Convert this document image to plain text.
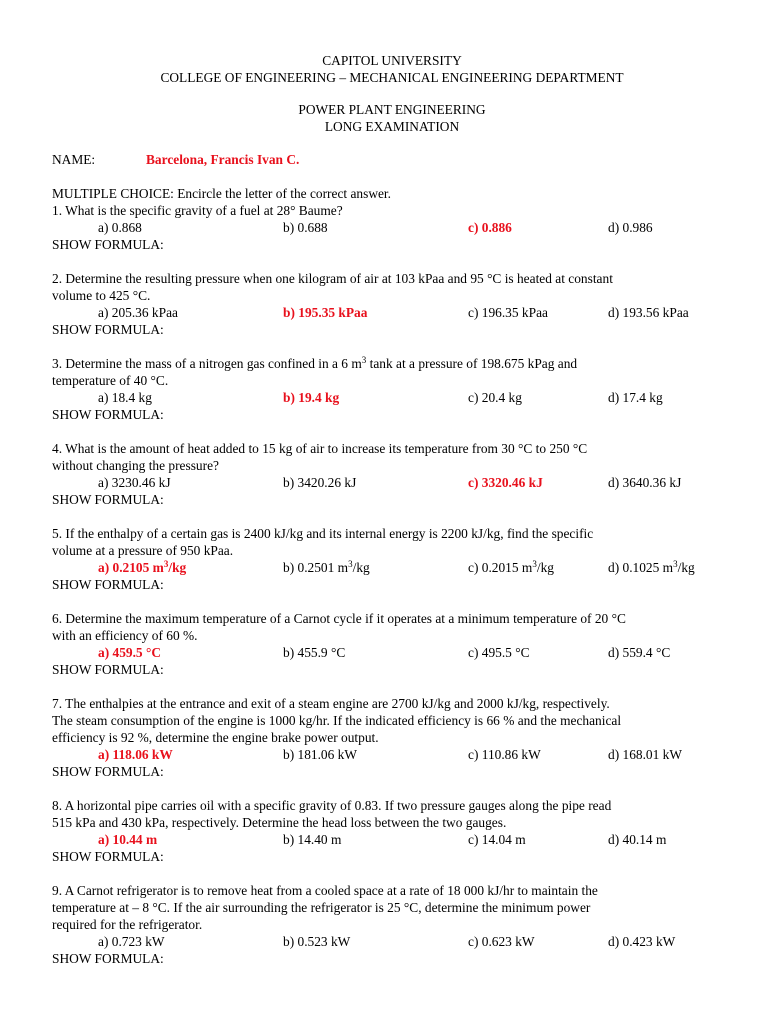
CAPITOL UNIVERSITY
COLLEGE OF ENGINEERING – MECHANICAL ENGINEERING DEPARTMENT
POWER PLANT ENGINEERING
LONG EXAMINATION
NAME:	Barcelona, Francis Ivan C.
MULTIPLE CHOICE: Encircle the letter of the correct answer.
1. What is the specific gravity of a fuel at 28° Baume?
a) 0.868	b) 0.688	c) 0.886	d) 0.986
SHOW FORMULA:
2. Determine the resulting pressure when one kilogram of air at 103 kPaa and 95 °C is heated at constant
volume to 425 °C.
a) 205.36 kPaa	b) 195.35 kPaa	c) 196.35 kPaa	d) 193.56 kPaa
SHOW FORMULA:
3. Determine the mass of a nitrogen gas confined in a 6 $m^3$ tank at a pressure of 198.675 kPag and
temperature of 40 °C.
a) 18.4 kg	b) 19.4 kg	c) 20.4 kg	d) 17.4 kg
SHOW FORMULA:
4. What is the amount of heat added to 15 kg of air to increase its temperature from 30 °C to 250 °C
without changing the pressure?
a) 3230.46 kJ	b) 3420.26 kJ	c) 3320.46 kJ	d) 3640.36 kJ
SHOW FORMULA:
5. If the enthalpy of a certain gas is 2400 kJ/kg and its internal energy is 2200 kJ/kg, find the specific
volume at a pressure of 950 kPaa.
a) 0.2105 $m^3/kg$	b) 0.2501 $m^3/kg$	c) 0.2015 $m^3/kg$	d) 0.1025 $m^3/kg$
SHOW FORMULA:
6. Determine the maximum temperature of a Carnot cycle if it operates at a minimum temperature of 20 °C
with an efficiency of 60 %.
a) 459.5 °C	b) 455.9 °C	c) 495.5 °C	d) 559.4 °C
SHOW FORMULA:
7. The enthalpies at the entrance and exit of a steam engine are 2700 kJ/kg and 2000 kJ/kg, respectively.
The steam consumption of the engine is 1000 kg/hr. If the indicated efficiency is 66 % and the mechanical
efficiency is 92 %, determine the engine brake power output.
a) 118.06 kW	b) 181.06 kW	c) 110.86 kW	d) 168.01 kW
SHOW FORMULA:
8. A horizontal pipe carries oil with a specific gravity of 0.83. If two pressure gauges along the pipe read
515 kPa and 430 kPa, respectively. Determine the head loss between the two gauges.
a) 10.44 m	b) 14.40 m	c) 14.04 m	d) 40.14 m
SHOW FORMULA:
9. A Carnot refrigerator is to remove heat from a cooled space at a rate of 18 000 kJ/hr to maintain the
temperature at – 8 °C. If the air surrounding the refrigerator is 25 °C, determine the minimum power
required for the refrigerator.
a) 0.723 kW	b) 0.523 kW	c) 0.623 kW	d) 0.423 kW
SHOW FORMULA:
